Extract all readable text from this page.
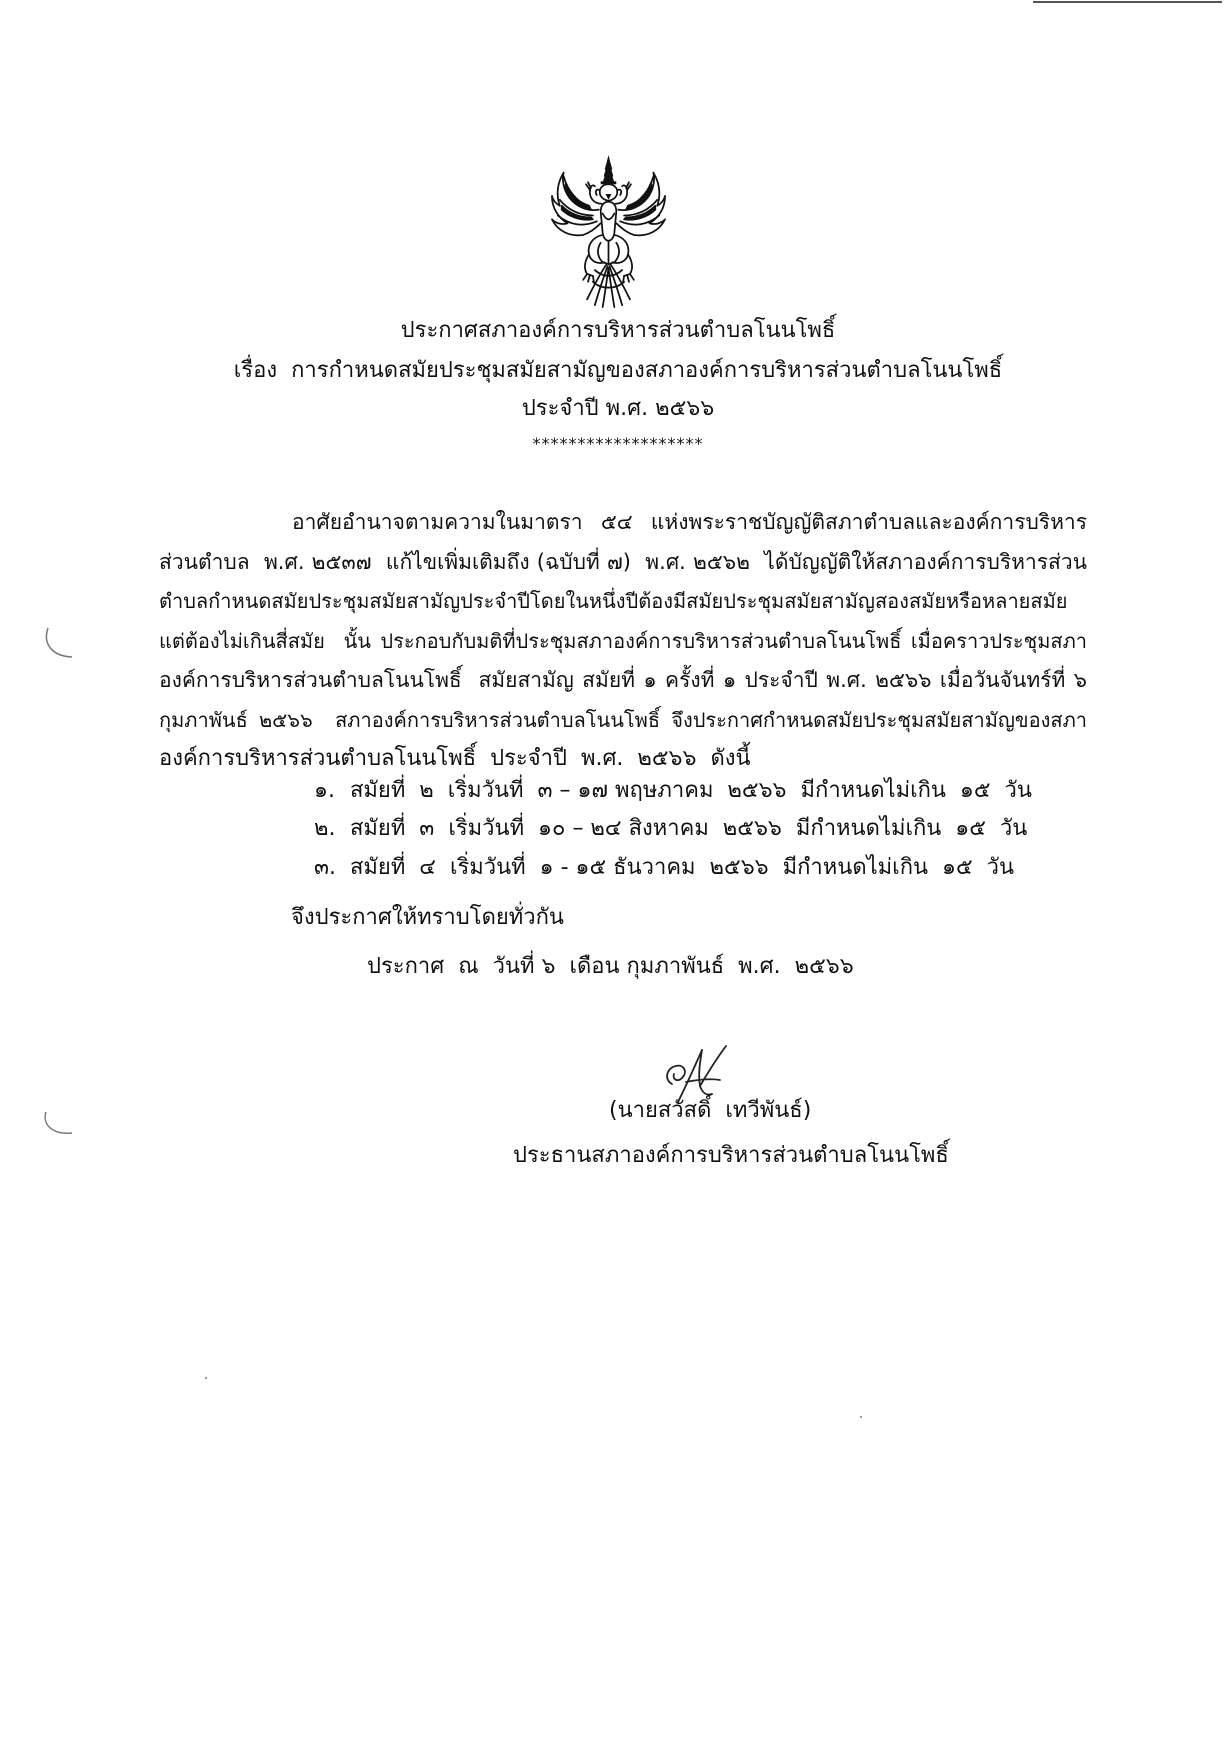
ประกาศสภาองค์การบริหารส่วนตำบลโนนโพธิ์
เรื่อง การกำหนดสมัยประชุมสมัยสามัญของสภาองค์การบริหารส่วนตำบลโนนโพธิ์
ประจำปี พ.ศ. ๒๕๖๖
*******************
อาศัยอำนาจตามความในมาตรา  ๕๔  แห่งพระราชบัญญัติสภาตำบลและองค์การบริหาร
ส่วนตำบล  พ.ศ. ๒๕๓๗  แก้ไขเพิ่มเติมถึง (ฉบับที่ ๗)  พ.ศ. ๒๕๖๒  ได้บัญญัติให้สภาองค์การบริหารส่วน
ตำบลกำหนดสมัยประชุมสมัยสามัญประจำปีโดยในหนึ่งปีต้องมีสมัยประชุมสมัยสามัญสองสมัยหรือหลายสมัย
แต่ต้องไม่เกินสี่สมัย  นั้น ประกอบกับมติที่ประชุมสภาองค์การบริหารส่วนตำบลโนนโพธิ์ เมื่อคราวประชุมสภา
องค์การบริหารส่วนตำบลโนนโพธิ์  สมัยสามัญ สมัยที่ ๑ ครั้งที่ ๑ ประจำปี พ.ศ. ๒๕๖๖ เมื่อวันจันทร์ที่ ๖
กุมภาพันธ์ ๒๕๖๖  สภาองค์การบริหารส่วนตำบลโนนโพธิ์ จึงประกาศกำหนดสมัยประชุมสมัยสามัญของสภา
องค์การบริหารส่วนตำบลโนนโพธิ์  ประจำปี  พ.ศ.  ๒๕๖๖  ดังนี้
๑. สมัยที่  ๒  เริ่มวันที่  ๓ – ๑๗ พฤษภาคม  ๒๕๖๖  มีกำหนดไม่เกิน  ๑๕  วัน
๒. สมัยที่  ๓  เริ่มวันที่  ๑๐ – ๒๔ สิงหาคม  ๒๕๖๖  มีกำหนดไม่เกิน  ๑๕  วัน
๓. สมัยที่  ๔  เริ่มวันที่  ๑ - ๑๕ ธันวาคม  ๒๕๖๖  มีกำหนดไม่เกิน  ๑๕  วัน
จึงประกาศให้ทราบโดยทั่วกัน
ประกาศ  ณ  วันที่ ๖  เดือน กุมภาพันธ์  พ.ศ.  ๒๕๖๖
(นายสวัสดิ์  เทวีพันธ์)
ประธานสภาองค์การบริหารส่วนตำบลโนนโพธิ์
